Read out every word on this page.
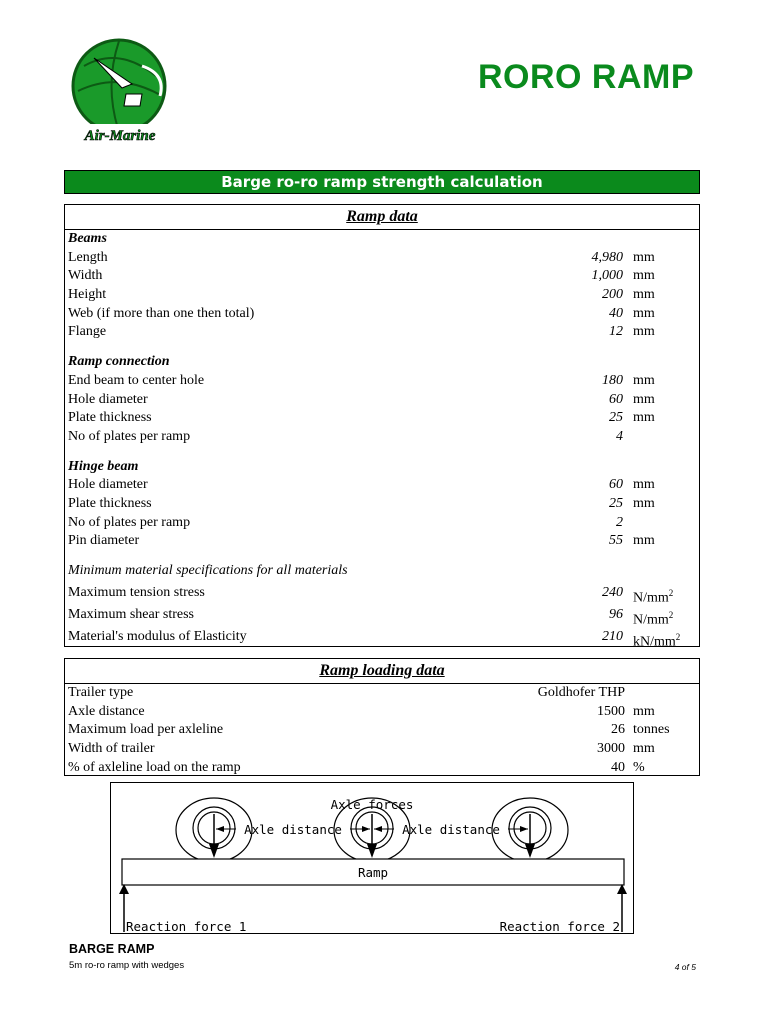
Air-Marine
RORO RAMP
Barge ro-ro ramp strength calculation
Ramp data
Beams
Length	4,980 mm
Width	1,000 mm
Height	200 mm
Web (if more than one then total)	40 mm
Flange	12 mm
Ramp connection
End beam to center hole	180 mm
Hole diameter	60 mm
Plate thickness	25 mm
No of plates per ramp	4
Hinge beam
Hole diameter	60 mm
Plate thickness	25 mm
No of plates per ramp	2
Pin diameter	55 mm
Minimum material specifications for all materials
Maximum tension stress	240 $N/mm^2$
Maximum shear stress	96 $N/mm^2$
Material's modulus of Elasticity	210 $kN/mm^2$
Ramp loading data
Trailer type	Goldhofer THP
Axle distance	1500 mm
Maximum load per axleline	26 tonnes
Width of trailer	3000 mm
% of axleline load on the ramp	40 %
Axle forces
Axle distance	Axle distance
Ramp
Reaction force 1	Reaction force 2
BARGE RAMP
5m ro-ro ramp with wedges	4 of 5
